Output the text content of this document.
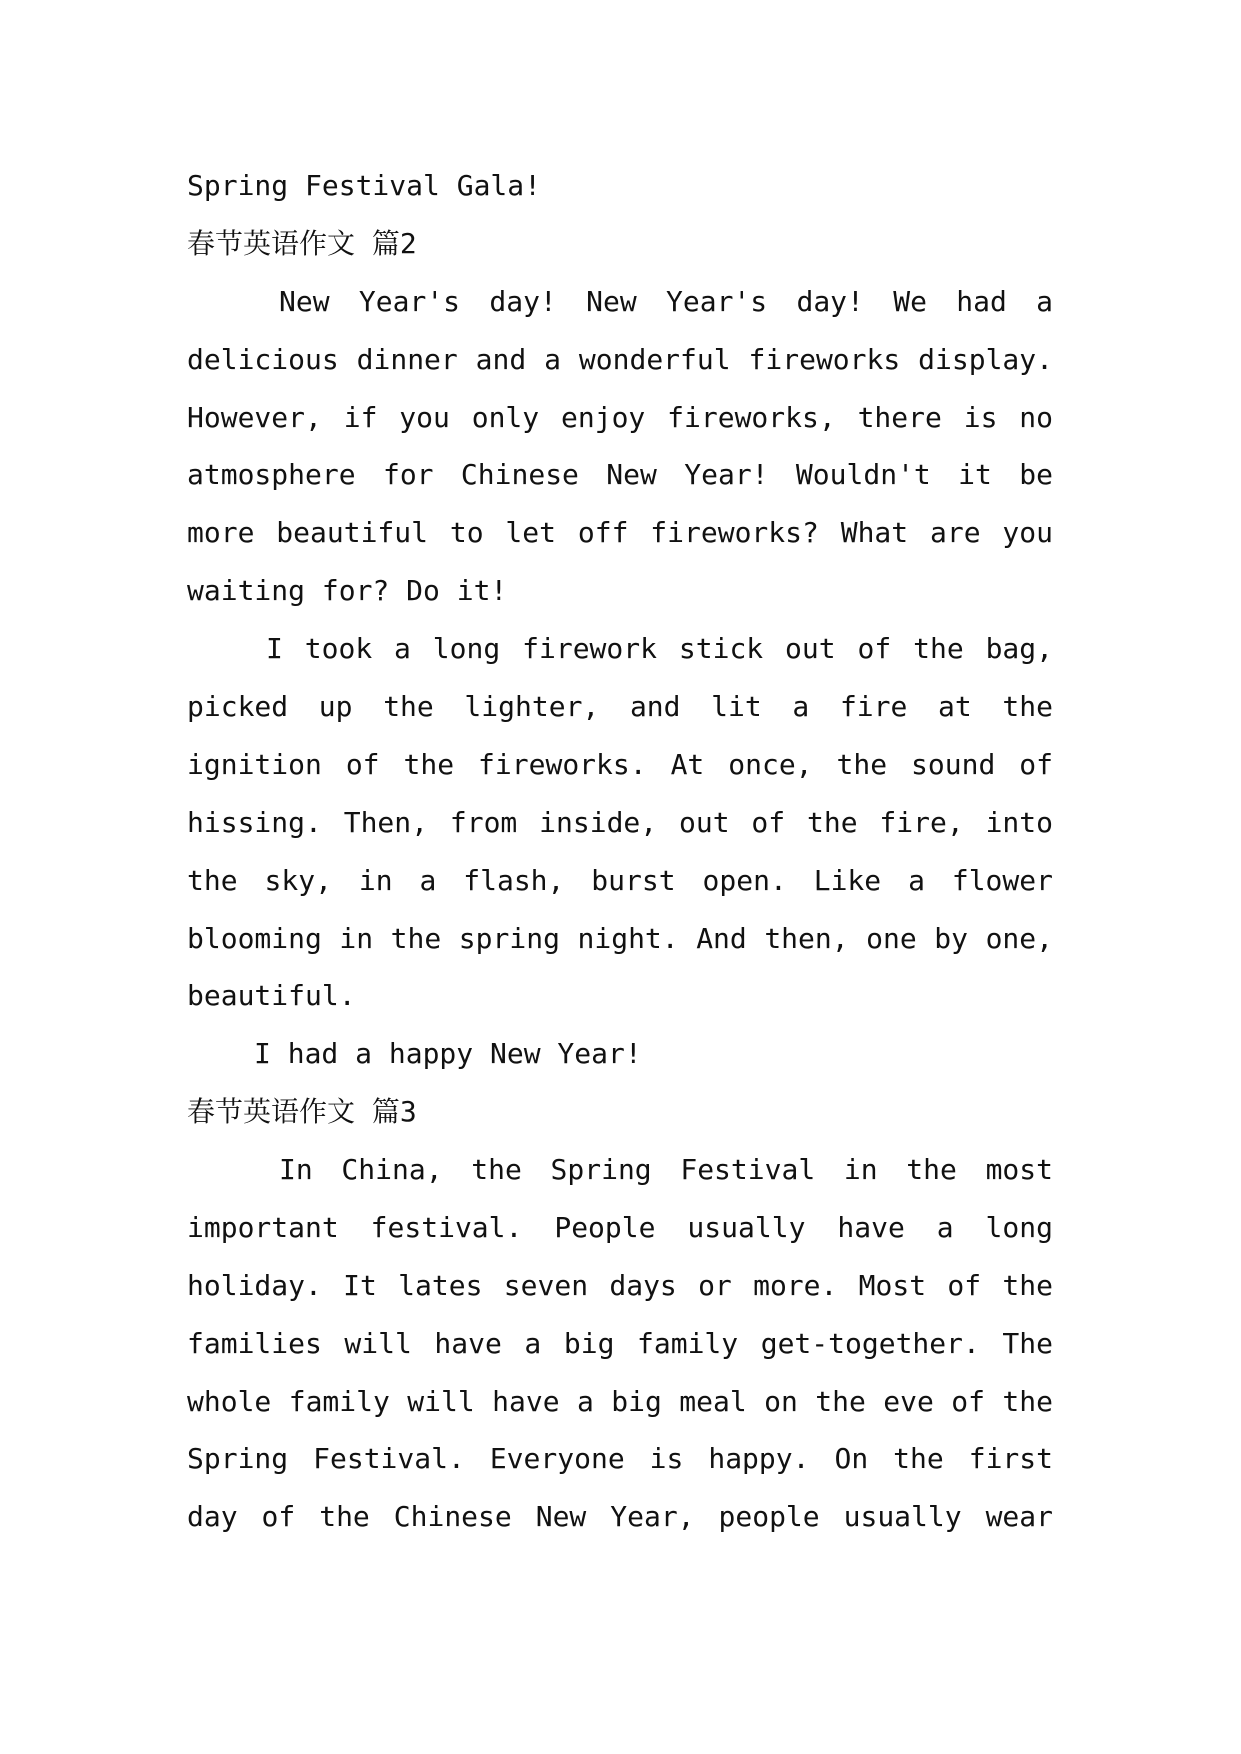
Spring Festival Gala!
春节英语作文 篇2
New Year's day! New Year's day! We had a
delicious dinner and a wonderful fireworks display.
However, if you only enjoy fireworks, there is no
atmosphere for Chinese New Year! Wouldn't it be
more beautiful to let off fireworks? What are you
waiting for? Do it!
I took a long firework stick out of the bag,
picked up the lighter, and lit a fire at the
ignition of the fireworks. At once, the sound of
hissing. Then, from inside, out of the fire, into
the sky, in a flash, burst open. Like a flower
blooming in the spring night. And then, one by one,
beautiful.
I had a happy New Year!
春节英语作文 篇3
In China, the Spring Festival in the most
important festival. People usually have a long
holiday. It lates seven days or more. Most of the
families will have a big family get-together. The
whole family will have a big meal on the eve of the
Spring Festival. Everyone is happy. On the first
day of the Chinese New Year, people usually wear
